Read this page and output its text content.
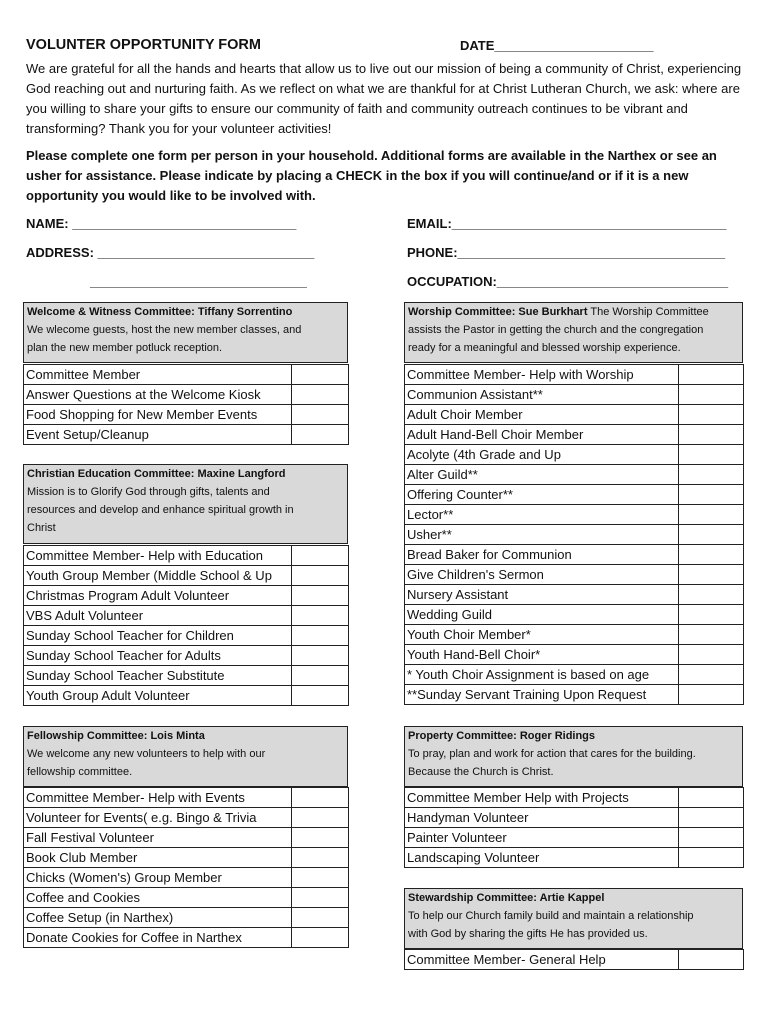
VOLUNTER OPPORTUNITY FORM	DATE______________________
We are grateful for all the hands and hearts that allow us to live out our mission of being a community of Christ, experiencing God reaching out and nurturing faith. As we reflect on what we are thankful for at Christ Lutheran Church, we ask: where are you willing to share your gifts to ensure our community of faith and community outreach continues to be vibrant and transforming? Thank you for your volunteer activities!
Please complete one form per person in your household. Additional forms are available in the Narthex or see an usher for assistance. Please indicate by placing a CHECK in the box if you will continue/and or if it is a new opportunity you would like to be involved with.
NAME: _______________________________	EMAIL:______________________________________
ADDRESS: ______________________________	PHONE:_____________________________________
______________________________	OCCUPATION:________________________________
Welcome & Witness Committee: Tiffany Sorrentino
We wlecome guests, host the new member classes, and
plan the new member potluck reception.
Committee Member	
Answer Questions at the Welcome Kiosk	
Food Shopping for New Member Events	
Event Setup/Cleanup	
Christian Education Committee: Maxine Langford
Mission is to Glorify God through gifts, talents and
resources and develop and enhance spiritual growth in
Christ
Committee Member- Help with Education	
Youth Group Member (Middle School & Up	
Christmas Program Adult Volunteer	
VBS Adult Volunteer	
Sunday School Teacher for Children	
Sunday School Teacher for Adults	
Sunday School Teacher Substitute	
Youth Group Adult Volunteer	
Fellowship Committee: Lois Minta
We welcome any new volunteers to help with our
fellowship committee.
Committee Member- Help with Events	
Volunteer for Events( e.g. Bingo & Trivia	
Fall Festival Volunteer	
Book Club Member	
Chicks (Women's) Group Member	
Coffee and Cookies	
Coffee Setup (in Narthex)	
Donate Cookies for Coffee in Narthex	
Worship Committee: Sue Burkhart The Worship Committee
assists the Pastor in getting the church and the congregation
ready for a meaningful and blessed worship experience.
Committee Member- Help with Worship	
Communion Assistant**	
Adult Choir Member	
Adult Hand-Bell Choir Member	
Acolyte (4th Grade and Up	
Alter Guild**	
Offering Counter**	
Lector**	
Usher**	
Bread Baker for Communion	
Give Children's Sermon	
Nursery Assistant	
Wedding Guild	
Youth Choir Member*	
Youth Hand-Bell Choir*	
* Youth Choir Assignment is based on age	
**Sunday Servant Training Upon Request	
Property Committee: Roger Ridings
To pray, plan and work for action that cares for the building.
Because the Church is Christ.
Committee Member Help with Projects	
Handyman Volunteer	
Painter Volunteer	
Landscaping Volunteer	
Stewardship Committee: Artie Kappel
To help our Church family build and maintain a relationship
with God by sharing the gifts He has provided us.
Committee Member- General Help	
